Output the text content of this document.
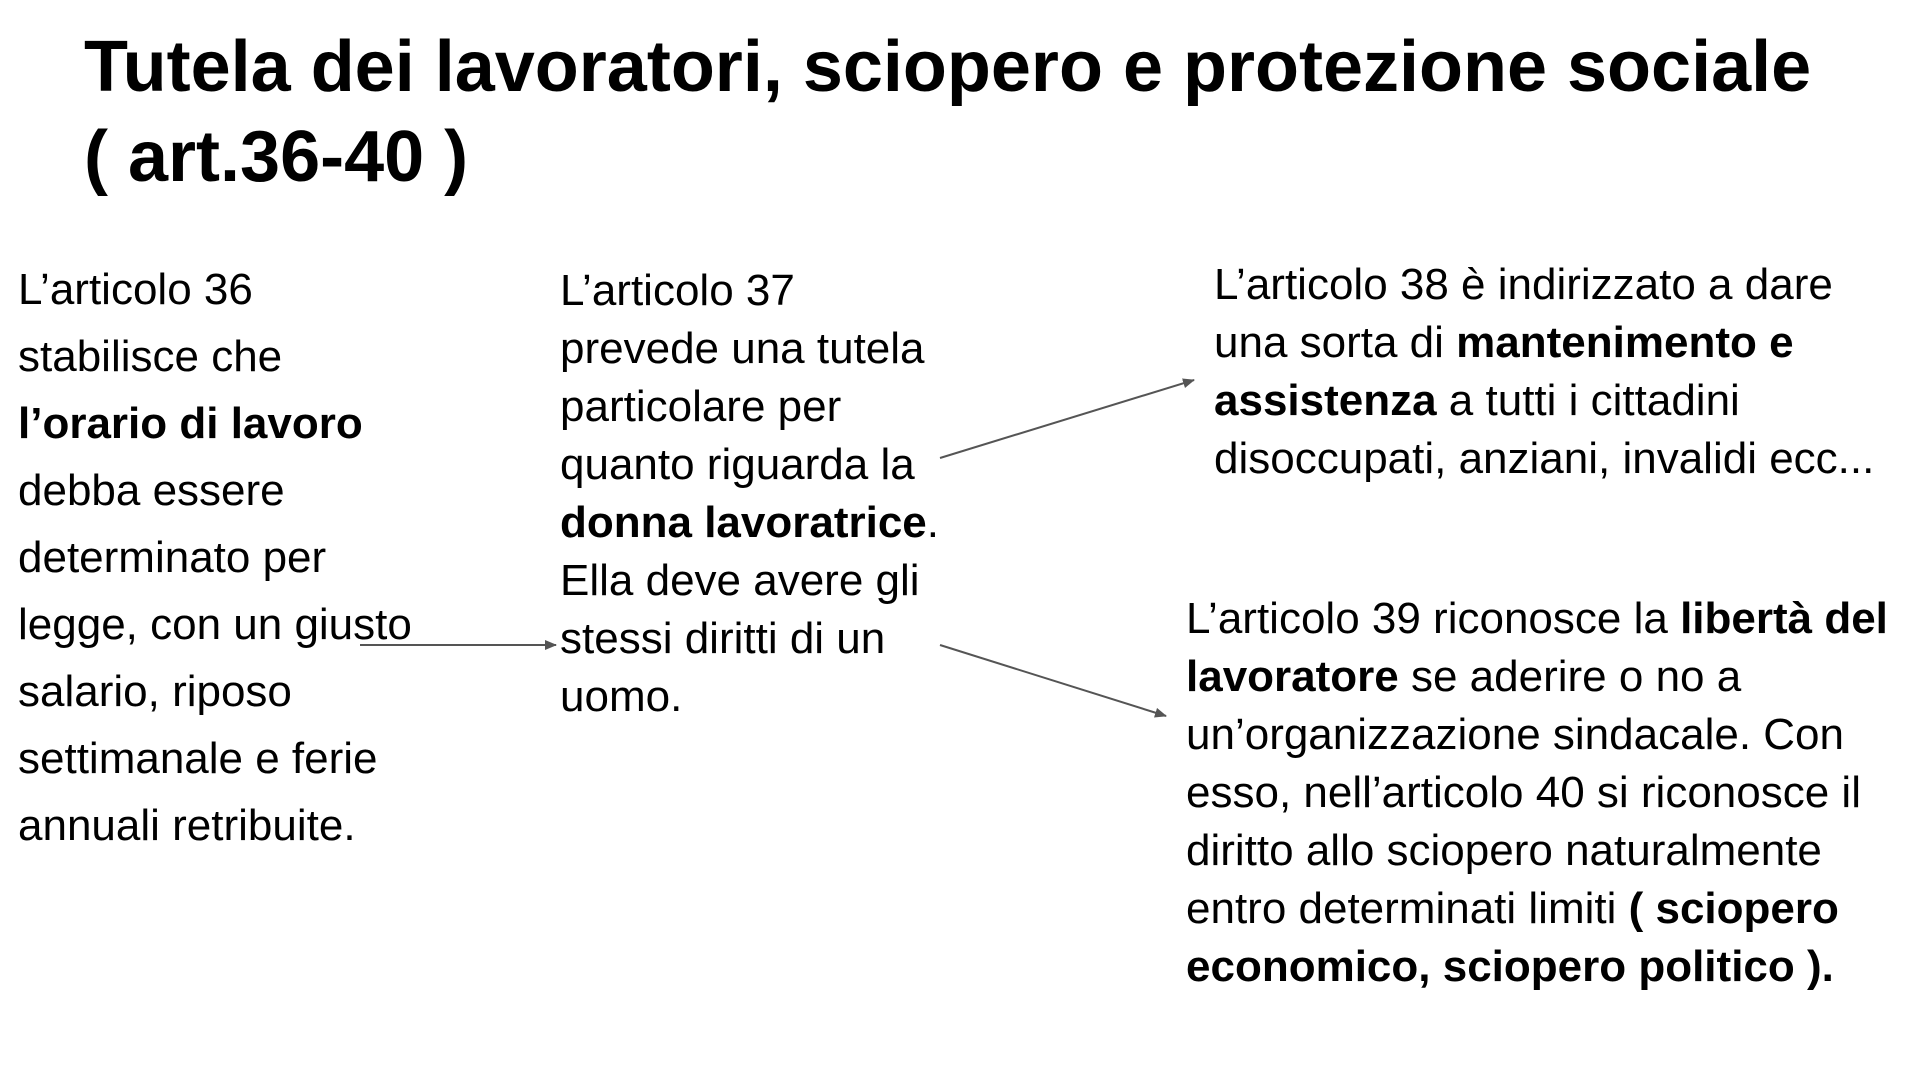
Tutela dei lavoratori, sciopero e protezione sociale ( art.36-40 )

L’articolo 36 stabilisce che l’orario di lavoro debba essere determinato per legge, con un giusto salario, riposo settimanale e ferie annuali retribuite.

L’articolo 37 prevede una tutela particolare per quanto riguarda la donna lavoratrice. Ella deve avere gli stessi diritti di un uomo.

L’articolo 38 è indirizzato a dare una sorta di mantenimento e assistenza a tutti i cittadini disoccupati, anziani, invalidi ecc...

L’articolo 39 riconosce la libertà del lavoratore se aderire o no a un’organizzazione sindacale. Con esso, nell’articolo 40 si riconosce il diritto allo sciopero naturalmente entro determinati limiti ( sciopero economico, sciopero politico ).
